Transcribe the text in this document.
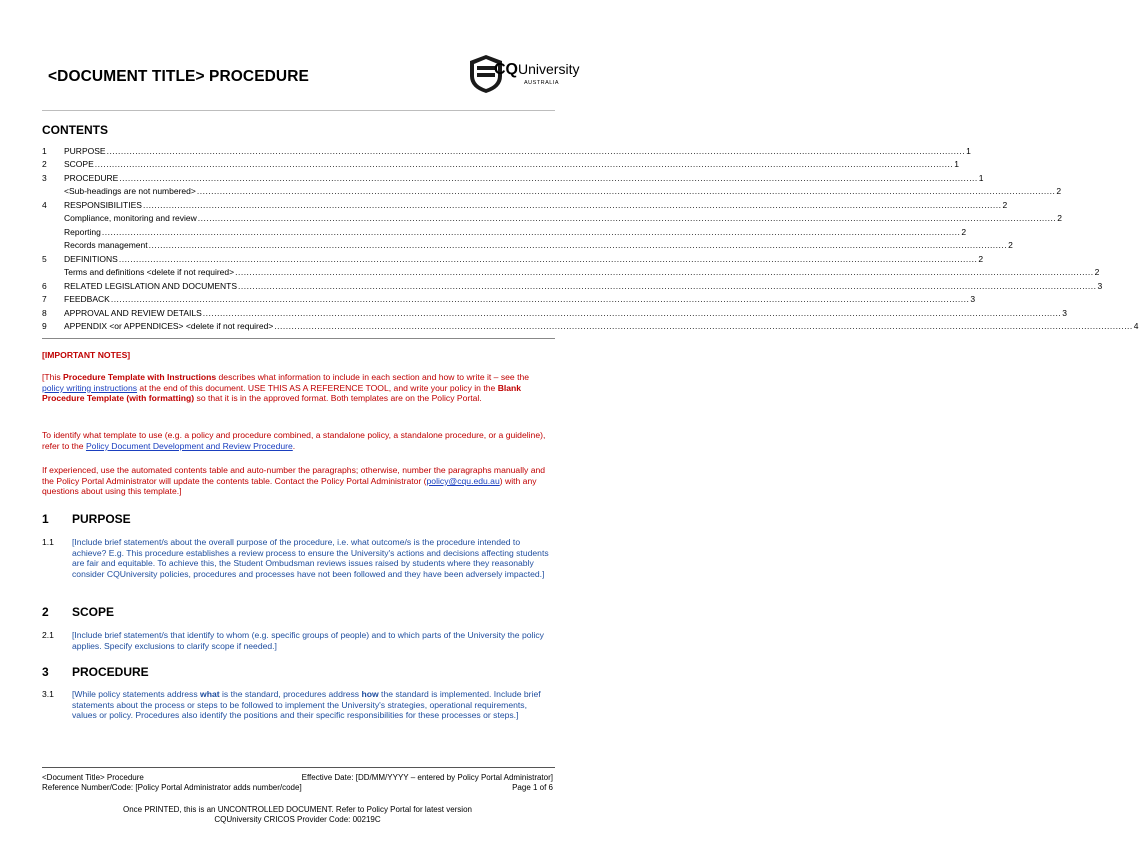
<DOCUMENT TITLE> PROCEDURE	CQUniversity
AUSTRALIA
CONTENTS
1	PURPOSE ............................................................................................................................................................................................................................................................................................................ 1
2	SCOPE ............................................................................................................................................................................................................................................................................................................ 1
3	PROCEDURE ............................................................................................................................................................................................................................................................................................................ 1
<Sub-headings are not numbered> ............................................................................................................................................................................................................................................................................................................ 2
4	RESPONSIBILITIES ............................................................................................................................................................................................................................................................................................................ 2
Compliance, monitoring and review ............................................................................................................................................................................................................................................................................................................ 2
Reporting ............................................................................................................................................................................................................................................................................................................ 2
Records management ............................................................................................................................................................................................................................................................................................................ 2
5	DEFINITIONS ............................................................................................................................................................................................................................................................................................................ 2
Terms and definitions <delete if not required> ............................................................................................................................................................................................................................................................................................................ 2
6	RELATED LEGISLATION AND DOCUMENTS ............................................................................................................................................................................................................................................................................................................ 3
7	FEEDBACK ............................................................................................................................................................................................................................................................................................................ 3
8	APPROVAL AND REVIEW DETAILS ............................................................................................................................................................................................................................................................................................................ 3
9	APPENDIX <or APPENDICES> <delete if not required> ............................................................................................................................................................................................................................................................................................................ 4
[IMPORTANT NOTES]
[This Procedure Template with Instructions describes what information to include in each section and how to write it – see the policy writing instructions at the end of this document. USE THIS AS A REFERENCE TOOL, and write your policy in the Blank Procedure Template (with formatting) so that it is in the approved format. Both templates are on the Policy Portal.
To identify what template to use (e.g. a policy and procedure combined, a standalone policy, a standalone procedure, or a guideline), refer to the Policy Document Development and Review Procedure.
If experienced, use the automated contents table and auto-number the paragraphs; otherwise, number the paragraphs manually and the Policy Portal Administrator will update the contents table. Contact the Policy Portal Administrator (policy@cqu.edu.au) with any questions about using this template.]
1 PURPOSE
1.1	[Include brief statement/s about the overall purpose of the procedure, i.e. what outcome/s is the procedure intended to achieve? E.g. This procedure establishes a review process to ensure the University's actions and decisions affecting students are fair and equitable. To achieve this, the Student Ombudsman reviews issues raised by students where they reasonably consider CQUniversity policies, procedures and processes have not been followed and they have been adversely impacted.]
2 SCOPE
2.1	[Include brief statement/s that identify to whom (e.g. specific groups of people) and to which parts of the University the policy applies. Specify exclusions to clarify scope if needed.]
3 PROCEDURE
3.1	[While policy statements address what is the standard, procedures address how the standard is implemented. Include brief statements about the process or steps to be followed to implement the University's strategies, operational requirements, values or policy. Procedures also identify the positions and their specific responsibilities for these processes or steps.]
<Document Title> Procedure	Effective Date: [DD/MM/YYYY – entered by Policy Portal Administrator]
Reference Number/Code: [Policy Portal Administrator adds number/code]	Page 1 of 6
Once PRINTED, this is an UNCONTROLLED DOCUMENT. Refer to Policy Portal for latest version
CQUniversity CRICOS Provider Code: 00219C
